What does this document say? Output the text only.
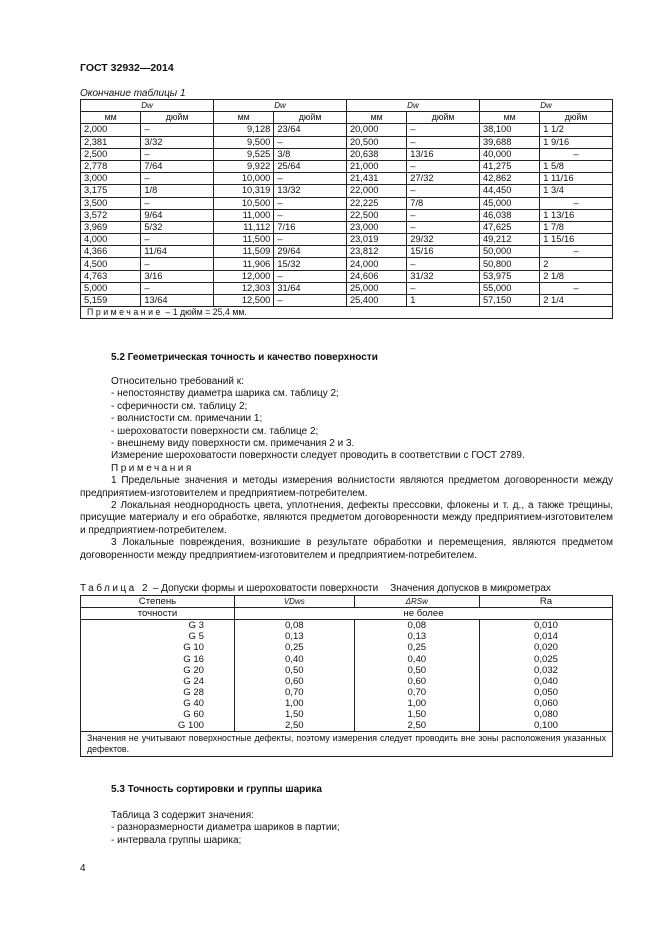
ГОСТ 32932—2014
Окончание таблицы 1
Dw		Dw		Dw		Dw	
мм	дюйм	мм	дюйм	мм	дюйм	мм	дюйм
2,000	–	9,128	23/64	20,000	–	38,100	1 1/2
2,381	3/32	9,500	–	20,500	–	39,688	1 9/16
2,500	–	9,525	3/8	20,638	13/16	40,000	–
2,778	7/64	9,922	25/64	21,000	–	41,275	1 5/8
3,000	–	10,000	–	21,431	27/32	42,862	1 11/16
3,175	1/8	10,319	13/32	22,000	–	44,450	1 3/4
3,500	–	10,500	–	22,225	7/8	45,000	–
3,572	9/64	11,000	–	22,500	–	46,038	1 13/16
3,969	5/32	11,112	7/16	23,000	–	47,625	1 7/8
4,000	–	11,500	–	23,019	29/32	49,212	1 15/16
4,366	11/64	11,509	29/64	23,812	15/16	50,000	–
4,500	–	11,906	15/32	24,000	–	50,800	2
4,763	3/16	12,000	–	24,606	31/32	53,975	2 1/8
5,000	–	12,303	31/64	25,000	–	55,000	–
5,159	13/64	12,500	–	25,400	1	57,150	2 1/4
Примечание – 1 дюйм = 25,4 мм.							
5.2 Геометрическая точность и качество поверхности

Относительно требований к:

- непостоянству диаметра шарика см. таблицу 2;

- сферичности см. таблицу 2;

- волнистости см. примечании 1;

- шероховатости поверхности см. таблице 2;

- внешнему виду поверхности см. примечания 2 и 3.

Измерение шероховатости поверхности следует проводить в соответствии с ГОСТ 2789.

Примечания

1 Предельные значения и методы измерения волнистости являются предметом договоренности между предприятием-изготовителем и предприятием-потребителем.

2 Локальная неоднородность цвета, уплотнения, дефекты прессовки, флокены и т. д., а также трещины, присущие материалу и его обработке, являются предметом договоренности между предприятием-изготовителем и предприятием-потребителем.

3 Локальные повреждения, возникшие в результате обработки и перемещения, являются предметом договоренности между предприятием-изготовителем и предприятием-потребителем.

Таблица 2 – Допуски формы и шероховатости поверхности Значения допусков в микрометрах
Степень	VDws	ΔRSw	Ra
точности	не более		
G 3	0,08	0,08	0,010
G 5	0,13	0,13	0,014
G 10	0,25	0,25	0,020
G 16	0,40	0,40	0,025
G 20	0,50	0,50	0,032
G 24	0,60	0,60	0,040
G 28	0,70	0,70	0,050
G 40	1,00	1,00	0,060
G 60	1,50	1,50	0,080
G 100	2,50	2,50	0,100
Значения не учитывают поверхностные дефекты, поэтому измерения следует проводить вне зоны расположения указанных дефектов.			
5.3 Точность сортировки и группы шарика

Таблица 3 содержит значения:

- разноразмерности диаметра шариков в партии;

- интервала группы шарика;

4
